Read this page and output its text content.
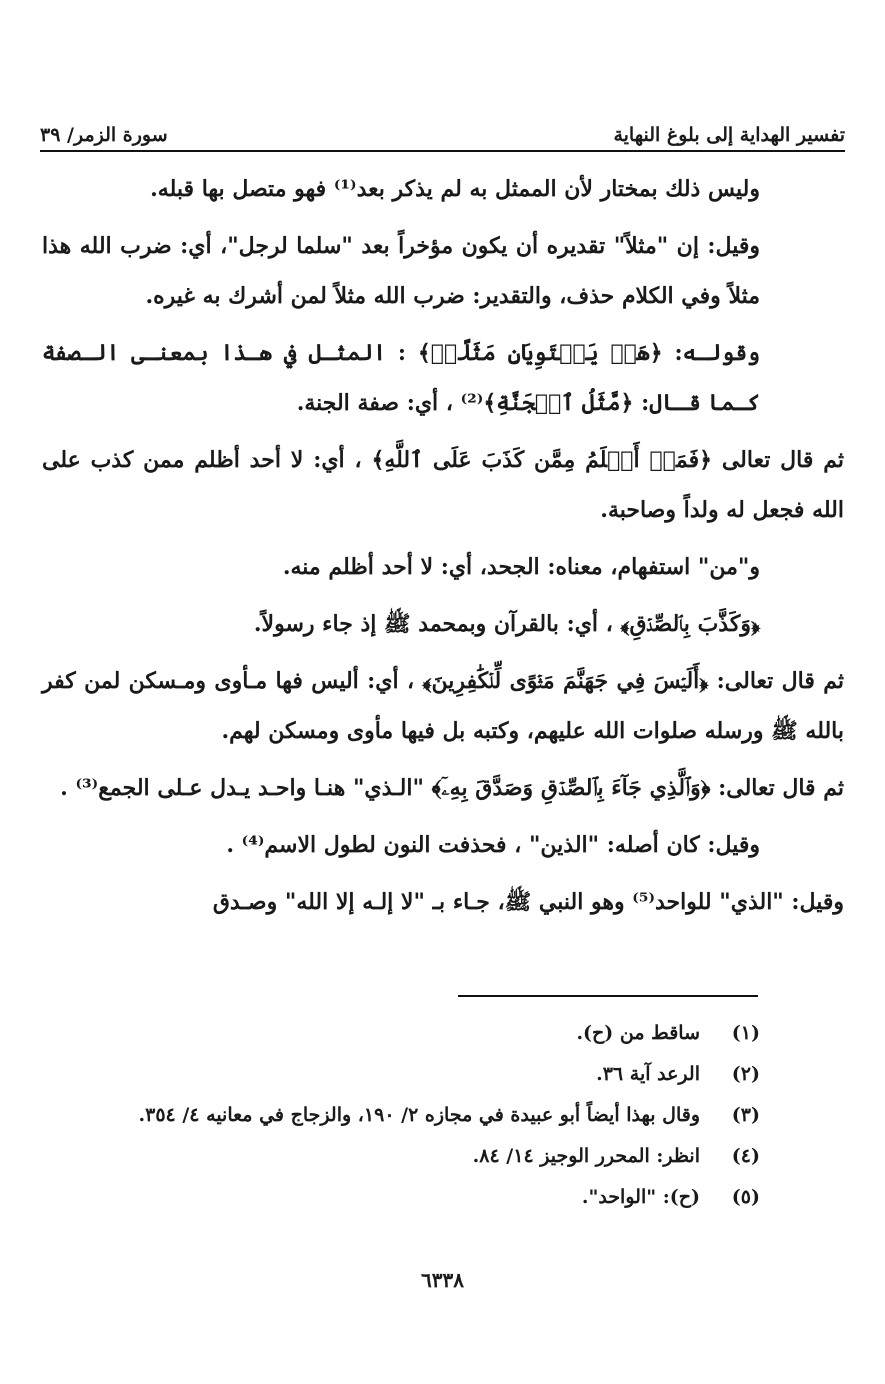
سورة الزمر/ ٣٩	تفسير الهداية إلى بلوغ النهاية

وليس ذلك بمختار لأن الممثل به لم يذكر بعد⁽¹⁾ فهو متصل بها قبله.

وقيل: إن "مثلاً" تقديره أن يكون مؤخراً بعد "سلما لرجل"، أي: ضرب الله هذا مثلاً وفي الكلام حذف، والتقدير: ضرب الله مثلاً لمن أشرك به غيره.

وقولـه: ﴿هَلۡ يَسۡتَوِيَانِ مَثَلًاۚ﴾ : المثـل في هـذا بمعنـى الـصفة كـما قـال: ﴿مَّثَلُ ٱلۡجَنَّةِ﴾⁽²⁾ ، أي: صفة الجنة.

ثم قال تعالى ﴿فَمَنۡ أَظۡلَمُ مِمَّن كَذَبَ عَلَى ٱللَّهِ﴾ ، أي: لا أحد أظلم ممن كذب على الله فجعل له ولداً وصاحبة.

و"من" استفهام، معناه: الجحد، أي: لا أحد أظلم منه.

﴿وَكَذَّبَ بِٱلصِّدۡقِ﴾ ، أي: بالقرآن وبمحمد ﷺ إذ جاء رسولاً.

ثم قال تعالى: ﴿أَلَيۡسَ فِي جَهَنَّمَ مَثۡوًى لِّلۡكَٰفِرِينَ﴾ ، أي: أليس فها مـأوى ومـسكن لمن كفر بالله ﷺ ورسله صلوات الله عليهم، وكتبه بل فيها مأوى ومسكن لهم.

ثم قال تعالى: ﴿وَٱلَّذِي جَآءَ بِٱلصِّدۡقِ وَصَدَّقَ بِهِۦٓ﴾ "الـذي" هنـا واحـد يـدل عـلى الجمع⁽³⁾ .

وقيل: كان أصله: "الذين" ، فحذفت النون لطول الاسم⁽⁴⁾ .

وقيل: "الذي" للواحد⁽⁵⁾ وهو النبي ﷺ، جـاء بـ "لا إلـه إلا الله" وصـدق

(١)
ساقط من (ح).
(٢)
الرعد آية ٣٦.
(٣)
وقال بهذا أيضاً أبو عبيدة في مجازه ٢/ ١٩٠، والزجاج في معانيه ٤/ ٣٥٤.
(٤)
انظر: المحرر الوجيز ١٤/ ٨٤.
(٥)
(ح): "الواحد".
٦٣٣٨
